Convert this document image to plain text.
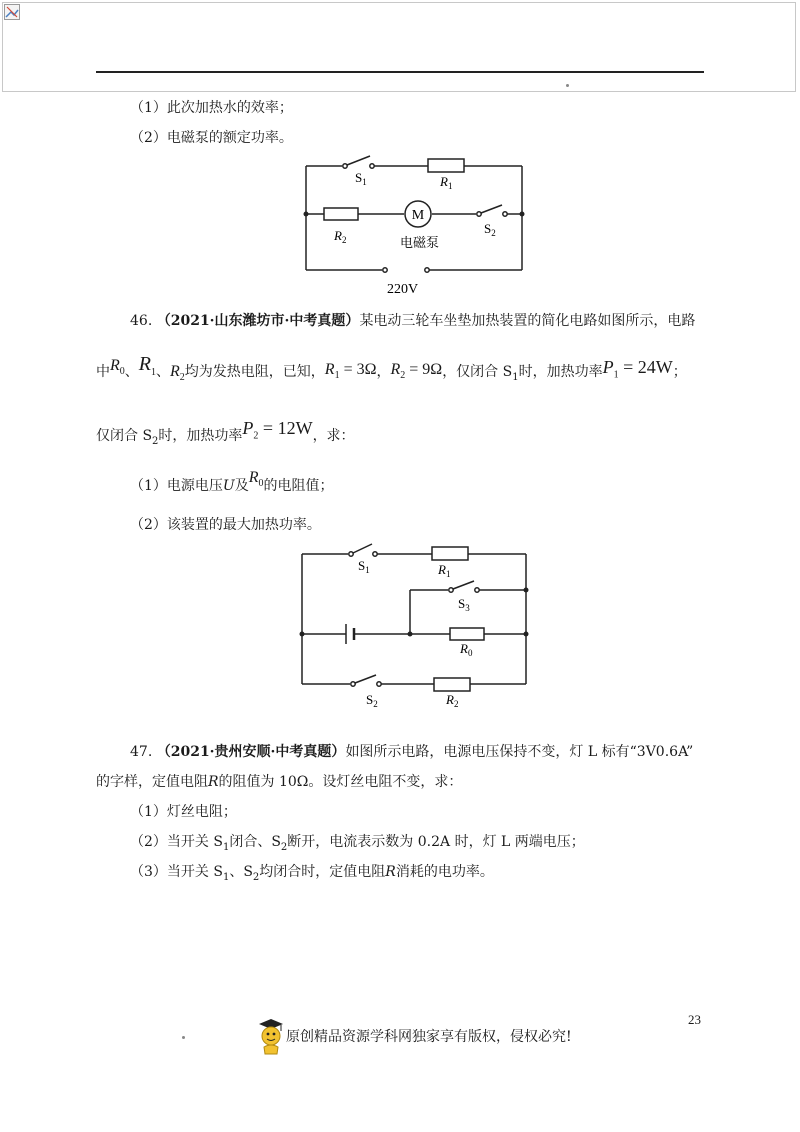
（1）此次加热水的效率；
（2）电磁泵的额定功率。
M
$S_1$	$R_1$
$R_2$	电磁泵
$S_2$
220V
46. （2021·山东潍坊市·中考真题）某电动三轮车坐垫加热装置的简化电路如图所示，电路
中$R_0$、$R_1$、$R_2$均为发热电阻，已知，$R_1 = 3\Omega$，$R_2 = 9\Omega$，仅闭合 $S_1$时，加热功率$P_1 = 24W$；
仅闭合 $S_2$时，加热功率$P_2 = 12W$，求：
（1）电源电压U及$R_0$的电阻值；
（2）该装置的最大加热功率。
$S_1$	$R_1$
$S_3$
$R_0$
$S_2$	$R_2$
47. （2021·贵州安顺·中考真题）如图所示电路，电源电压保持不变，灯 L 标有“3V0.6A”
的字样，定值电阻R的阻值为 10Ω。设灯丝电阻不变，求：
（1）灯丝电阻；
（2）当开关 $S_1$闭合、$S_2$断开，电流表示数为 0.2A 时，灯 L 两端电压；
（3）当开关 $S_1$、$S_2$均闭合时，定值电阻R消耗的电功率。
23
原创精品资源学科网独家享有版权，侵权必究!
